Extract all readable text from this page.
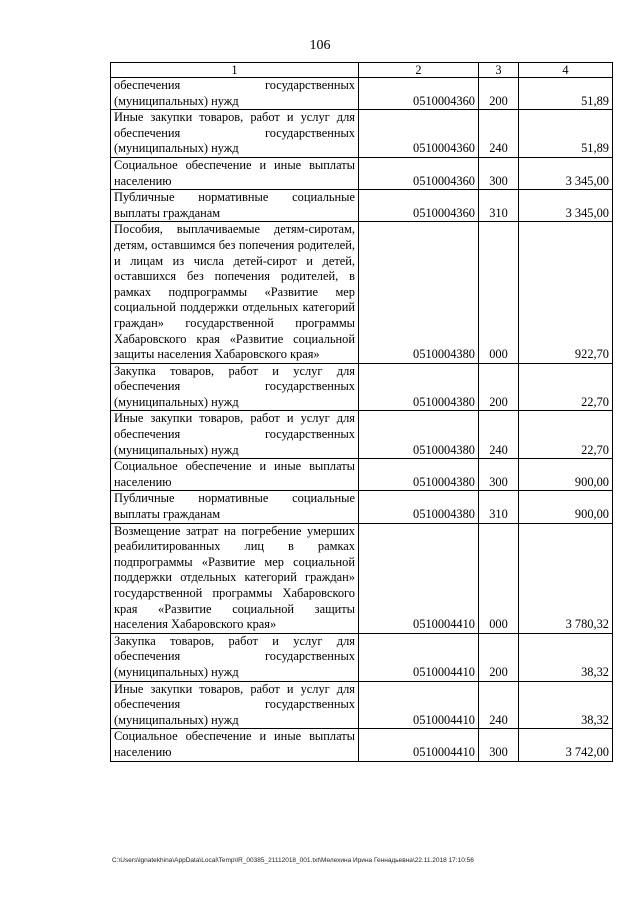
106
1	2	3	4
обеспечения государственных (муниципальных) нужд	0510004360	200	51,89
Иные закупки товаров, работ и услуг для обеспечения государственных (муниципальных) нужд	0510004360	240	51,89
Социальное обеспечение и иные выплаты населению	0510004360	300	3 345,00
Публичные нормативные социальные выплаты гражданам	0510004360	310	3 345,00
Пособия, выплачиваемые детям-сиротам, детям, оставшимся без попечения родителей, и лицам из числа детей-сирот и детей, оставшихся без попечения родителей, в рамках подпрограммы «Развитие мер социальной поддержки отдельных категорий граждан» государственной программы Хабаровского края «Развитие социальной защиты населения Хабаровского края»	0510004380	000	922,70
Закупка товаров, работ и услуг для обеспечения государственных (муниципальных) нужд	0510004380	200	22,70
Иные закупки товаров, работ и услуг для обеспечения государственных (муниципальных) нужд	0510004380	240	22,70
Социальное обеспечение и иные выплаты населению	0510004380	300	900,00
Публичные нормативные социальные выплаты гражданам	0510004380	310	900,00
Возмещение затрат на погребение умерших реабилитированных лиц в рамках подпрограммы «Развитие мер социальной поддержки отдельных категорий граждан» государственной программы Хабаровского края «Развитие социальной защиты населения Хабаровского края»	0510004410	000	3 780,32
Закупка товаров, работ и услуг для обеспечения государственных (муниципальных) нужд	0510004410	200	38,32
Иные закупки товаров, работ и услуг для обеспечения государственных (муниципальных) нужд	0510004410	240	38,32
Социальное обеспечение и иные выплаты населению	0510004410	300	3 742,00
C:\Users\lgnatekhina\AppData\Local\Temp\IR_00385_21112018_001.txt\Мелехина Ирина Геннадьевна\22.11.2018 17:10:56
